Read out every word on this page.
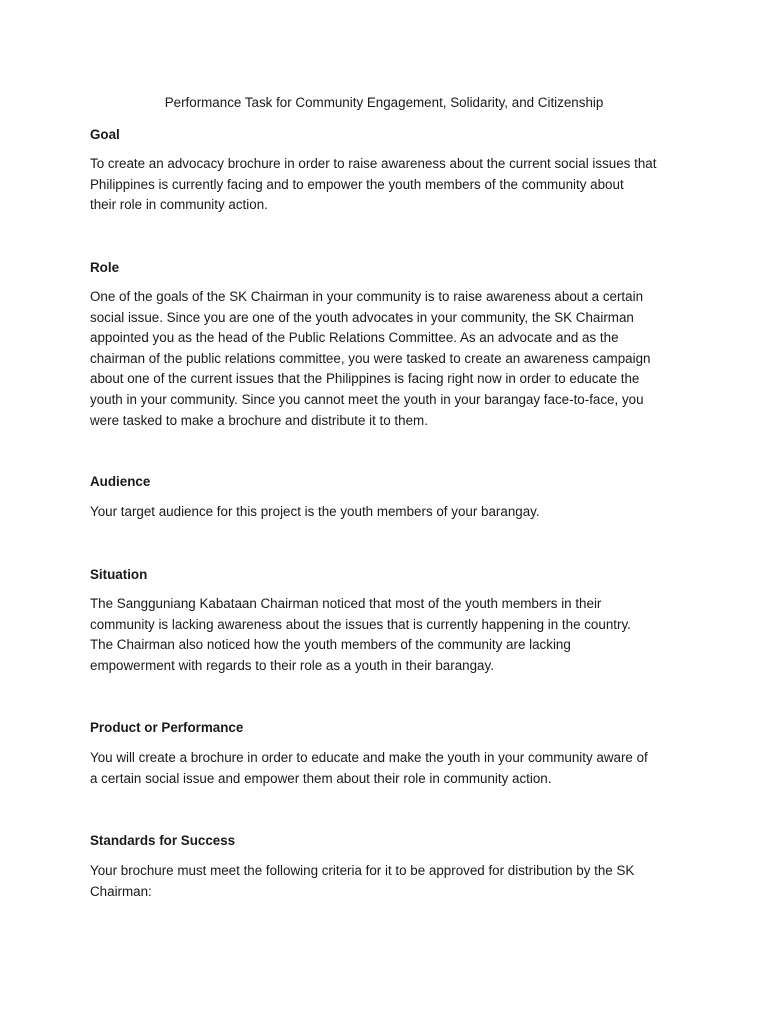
Performance Task for Community Engagement, Solidarity, and Citizenship
Goal
To create an advocacy brochure in order to raise awareness about the current social issues that
Philippines is currently facing and to empower the youth members of the community about
their role in community action.
Role
One of the goals of the SK Chairman in your community is to raise awareness about a certain
social issue. Since you are one of the youth advocates in your community, the SK Chairman
appointed you as the head of the Public Relations Committee. As an advocate and as the
chairman of the public relations committee, you were tasked to create an awareness campaign
about one of the current issues that the Philippines is facing right now in order to educate the
youth in your community. Since you cannot meet the youth in your barangay face-to-face, you
were tasked to make a brochure and distribute it to them.
Audience
Your target audience for this project is the youth members of your barangay.
Situation
The Sangguniang Kabataan Chairman noticed that most of the youth members in their
community is lacking awareness about the issues that is currently happening in the country.
The Chairman also noticed how the youth members of the community are lacking
empowerment with regards to their role as a youth in their barangay.
Product or Performance
You will create a brochure in order to educate and make the youth in your community aware of
a certain social issue and empower them about their role in community action.
Standards for Success
Your brochure must meet the following criteria for it to be approved for distribution by the SK
Chairman:
